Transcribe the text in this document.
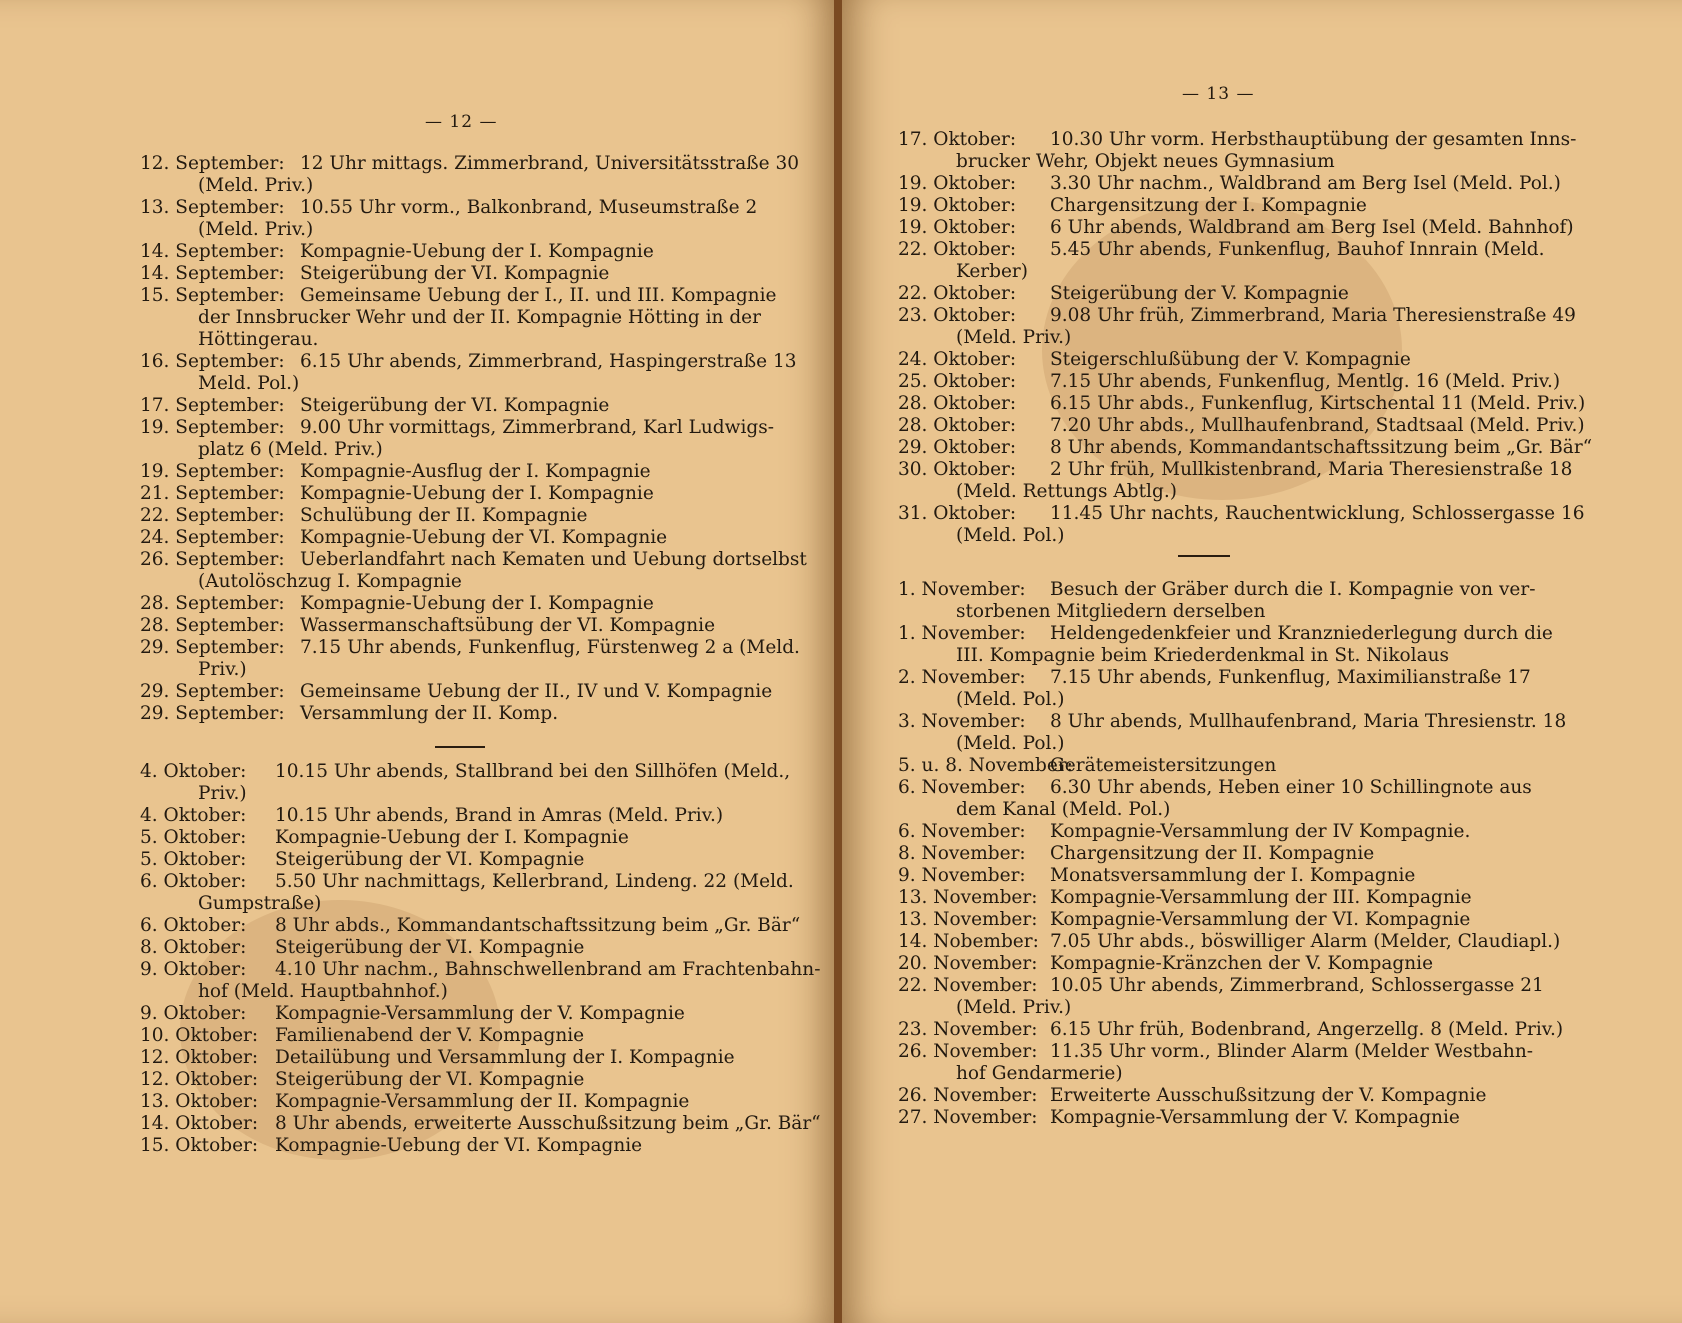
— 12 —
12. September: 12 Uhr mittags. Zimmerbrand, Universitätsstraße 30
(Meld. Priv.)
13. September: 10.55 Uhr vorm., Balkonbrand, Museumstraße 2
(Meld. Priv.)
14. September: Kompagnie-Uebung der I. Kompagnie
14. September: Steigerübung der VI. Kompagnie
15. September: Gemeinsame Uebung der I., II. und III. Kompagnie
der Innsbrucker Wehr und der II. Kompagnie Hötting in der
Höttingerau.
16. September: 6.15 Uhr abends, Zimmerbrand, Haspingerstraße 13
Meld. Pol.)
17. September: Steigerübung der VI. Kompagnie
19. September: 9.00 Uhr vormittags, Zimmerbrand, Karl Ludwigs-
platz 6 (Meld. Priv.)
19. September: Kompagnie-Ausflug der I. Kompagnie
21. September: Kompagnie-Uebung der I. Kompagnie
22. September: Schulübung der II. Kompagnie
24. September: Kompagnie-Uebung der VI. Kompagnie
26. September: Ueberlandfahrt nach Kematen und Uebung dortselbst
(Autolöschzug I. Kompagnie
28. September: Kompagnie-Uebung der I. Kompagnie
28. September: Wassermanschaftsübung der VI. Kompagnie
29. September: 7.15 Uhr abends, Funkenflug, Fürstenweg 2 a (Meld.
Priv.)
29. September: Gemeinsame Uebung der II., IV und V. Kompagnie
29. September: Versammlung der II. Komp.
4. Oktober: 10.15 Uhr abends, Stallbrand bei den Sillhöfen (Meld.,
Priv.)
4. Oktober: 10.15 Uhr abends, Brand in Amras (Meld. Priv.)
5. Oktober: Kompagnie-Uebung der I. Kompagnie
5. Oktober: Steigerübung der VI. Kompagnie
6. Oktober: 5.50 Uhr nachmittags, Kellerbrand, Lindeng. 22 (Meld.
Gumpstraße)
6. Oktober: 8 Uhr abds., Kommandantschaftssitzung beim „Gr. Bär“
8. Oktober: Steigerübung der VI. Kompagnie
9. Oktober: 4.10 Uhr nachm., Bahnschwellenbrand am Frachtenbahn-
hof (Meld. Hauptbahnhof.)
9. Oktober: Kompagnie-Versammlung der V. Kompagnie
10. Oktober: Familienabend der V. Kompagnie
12. Oktober: Detailübung und Versammlung der I. Kompagnie
12. Oktober: Steigerübung der VI. Kompagnie
13. Oktober: Kompagnie-Versammlung der II. Kompagnie
14. Oktober: 8 Uhr abends, erweiterte Ausschußsitzung beim „Gr. Bär“
15. Oktober: Kompagnie-Uebung der VI. Kompagnie
— 13 —
17. Oktober: 10.30 Uhr vorm. Herbsthauptübung der gesamten Inns-
brucker Wehr, Objekt neues Gymnasium
19. Oktober: 3.30 Uhr nachm., Waldbrand am Berg Isel (Meld. Pol.)
19. Oktober: Chargensitzung der I. Kompagnie
19. Oktober: 6 Uhr abends, Waldbrand am Berg Isel (Meld. Bahnhof)
22. Oktober: 5.45 Uhr abends, Funkenflug, Bauhof Innrain (Meld.
Kerber)
22. Oktober: Steigerübung der V. Kompagnie
23. Oktober: 9.08 Uhr früh, Zimmerbrand, Maria Theresienstraße 49
(Meld. Priv.)
24. Oktober: Steigerschlußübung der V. Kompagnie
25. Oktober: 7.15 Uhr abends, Funkenflug, Mentlg. 16 (Meld. Priv.)
28. Oktober: 6.15 Uhr abds., Funkenflug, Kirtschental 11 (Meld. Priv.)
28. Oktober: 7.20 Uhr abds., Mullhaufenbrand, Stadtsaal (Meld. Priv.)
29. Oktober: 8 Uhr abends, Kommandantschaftssitzung beim „Gr. Bär“
30. Oktober: 2 Uhr früh, Mullkistenbrand, Maria Theresienstraße 18
(Meld. Rettungs Abtlg.)
31. Oktober: 11.45 Uhr nachts, Rauchentwicklung, Schlossergasse 16
(Meld. Pol.)
1. November: Besuch der Gräber durch die I. Kompagnie von ver-
storbenen Mitgliedern derselben
1. November: Heldengedenkfeier und Kranzniederlegung durch die
III. Kompagnie beim Kriederdenkmal in St. Nikolaus
2. November: 7.15 Uhr abends, Funkenflug, Maximilianstraße 17
(Meld. Pol.)
3. November: 8 Uhr abends, Mullhaufenbrand, Maria Thresienstr. 18
(Meld. Pol.)
5. u. 8. November:
Gerätemeistersitzungen
6. November: 6.30 Uhr abends, Heben einer 10 Schillingnote aus
dem Kanal (Meld. Pol.)
6. November: Kompagnie-Versammlung der IV Kompagnie.
8. November: Chargensitzung der II. Kompagnie
9. November: Monatsversammlung der I. Kompagnie
13. November: Kompagnie-Versammlung der III. Kompagnie
13. November: Kompagnie-Versammlung der VI. Kompagnie
14. Nobember: 7.05 Uhr abds., böswilliger Alarm (Melder, Claudiapl.)
20. November: Kompagnie-Kränzchen der V. Kompagnie
22. November: 10.05 Uhr abends, Zimmerbrand, Schlossergasse 21
(Meld. Priv.)
23. November: 6.15 Uhr früh, Bodenbrand, Angerzellg. 8 (Meld. Priv.)
26. November: 11.35 Uhr vorm., Blinder Alarm (Melder Westbahn-
hof Gendarmerie)
26. November: Erweiterte Ausschußsitzung der V. Kompagnie
27. November: Kompagnie-Versammlung der V. Kompagnie
